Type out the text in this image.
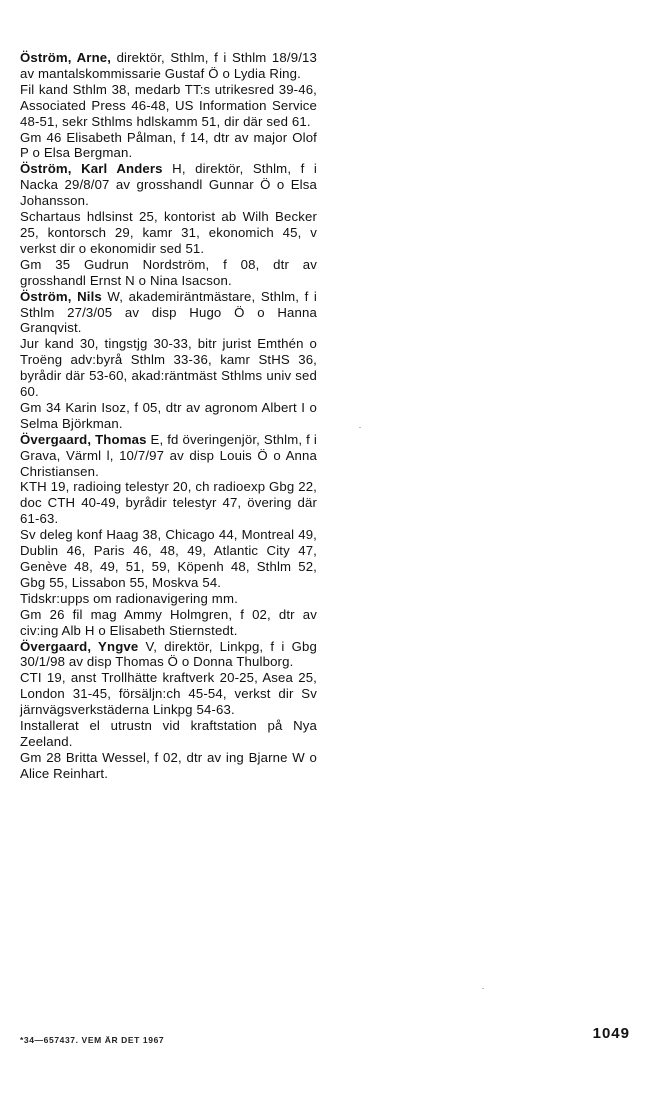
Öström, Arne, direktör, Sthlm, f i Sthlm 18/9/13 av mantalskommissarie Gustaf Ö o Lydia Ring.

Fil kand Sthlm 38, medarb TT:s utrikesred 39-46, Associated Press 46-48, US Information Service 48-51, sekr Sthlms hdlskamm 51, dir där sed 61.

Gm 46 Elisabeth Pålman, f 14, dtr av major Olof P o Elsa Bergman.

Öström, Karl Anders H, direktör, Sthlm, f i Nacka 29/8/07 av grosshandl Gunnar Ö o Elsa Johansson.

Schartaus hdlsinst 25, kontorist ab Wilh Becker 25, kontorsch 29, kamr 31, ekonomich 45, v verkst dir o ekonomidir sed 51.

Gm 35 Gudrun Nordström, f 08, dtr av grosshandl Ernst N o Nina Isacson.

Öström, Nils W, akademiräntmästare, Sthlm, f i Sthlm 27/3/05 av disp Hugo Ö o Hanna Granqvist.

Jur kand 30, tingstjg 30-33, bitr jurist Emthén o Troëng adv:byrå Sthlm 33-36, kamr StHS 36, byrådir där 53-60, akad:räntmäst Sthlms univ sed 60.

Gm 34 Karin Isoz, f 05, dtr av agronom Albert I o Selma Björkman.

Övergaard, Thomas E, fd överingenjör, Sthlm, f i Grava, Värml l, 10/7/97 av disp Louis Ö o Anna Christiansen.

KTH 19, radioing telestyr 20, ch radioexp Gbg 22, doc CTH 40-49, byrådir telestyr 47, övering där 61-63.

Sv deleg konf Haag 38, Chicago 44, Montreal 49, Dublin 46, Paris 46, 48, 49, Atlantic City 47, Genève 48, 49, 51, 59, Köpenh 48, Sthlm 52, Gbg 55, Lissabon 55, Moskva 54.

Tidskr:upps om radionavigering mm.

Gm 26 fil mag Ammy Holmgren, f 02, dtr av civ:ing Alb H o Elisabeth Stiernstedt.

Övergaard, Yngve V, direktör, Linkpg, f i Gbg 30/1/98 av disp Thomas Ö o Donna Thulborg.

CTI 19, anst Trollhätte kraftverk 20-25, Asea 25, London 31-45, försäljn:ch 45-54, verkst dir Sv järnvägsverkstäderna Linkpg 54-63.

Installerat el utrustn vid kraftstation på Nya Zeeland.

Gm 28 Britta Wessel, f 02, dtr av ing Bjarne W o Alice Reinhart.

*34—657437. VEM ÄR DET 1967	1049
